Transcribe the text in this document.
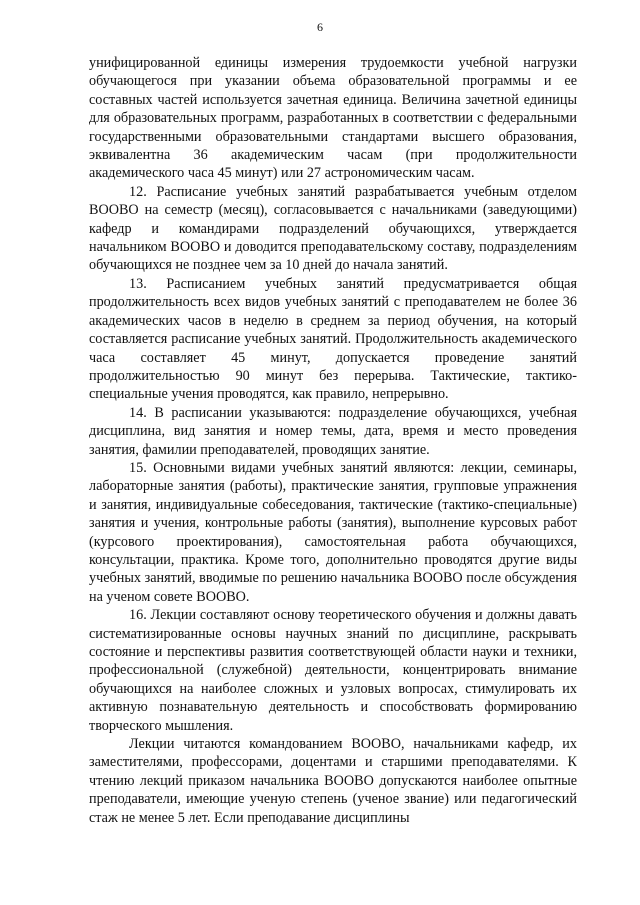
6

унифицированной единицы измерения трудоемкости учебной нагрузки обучающегося при указании объема образовательной программы и ее составных частей используется зачетная единица. Величина зачетной единицы для образовательных программ, разработанных в соответствии с федеральными государственными образовательными стандартами высшего образования, эквивалентна 36 академическим часам (при продолжительности академического часа 45 минут) или 27 астрономическим часам.

12. Расписание учебных занятий разрабатывается учебным отделом ВООВО на семестр (месяц), согласовывается с начальниками (заведующими) кафедр и командирами подразделений обучающихся, утверждается начальником ВООВО и доводится преподавательскому составу, подразделениям обучающихся не позднее чем за 10 дней до начала занятий.

13. Расписанием учебных занятий предусматривается общая продолжительность всех видов учебных занятий с преподавателем не более 36 академических часов в неделю в среднем за период обучения, на который составляется расписание учебных занятий. Продолжительность академического часа составляет 45 минут, допускается проведение занятий продолжительностью 90 минут без перерыва. Тактические, тактико-специальные учения проводятся, как правило, непрерывно.

14. В расписании указываются: подразделение обучающихся, учебная дисциплина, вид занятия и номер темы, дата, время и место проведения занятия, фамилии преподавателей, проводящих занятие.

15. Основными видами учебных занятий являются: лекции, семинары, лабораторные занятия (работы), практические занятия, групповые упражнения и занятия, индивидуальные собеседования, тактические (тактико-специальные) занятия и учения, контрольные работы (занятия), выполнение курсовых работ (курсового проектирования), самостоятельная работа обучающихся, консультации, практика. Кроме того, дополнительно проводятся другие виды учебных занятий, вводимые по решению начальника ВООВО после обсуждения на ученом совете ВООВО.

16. Лекции составляют основу теоретического обучения и должны давать систематизированные основы научных знаний по дисциплине, раскрывать состояние и перспективы развития соответствующей области науки и техники, профессиональной (служебной) деятельности, концентрировать внимание обучающихся на наиболее сложных и узловых вопросах, стимулировать их активную познавательную деятельность и способствовать формированию творческого мышления.

Лекции читаются командованием ВООВО, начальниками кафедр, их заместителями, профессорами, доцентами и старшими преподавателями. К чтению лекций приказом начальника ВООВО допускаются наиболее опытные преподаватели, имеющие ученую степень (ученое звание) или педагогический стаж не менее 5 лет. Если преподавание дисциплины
